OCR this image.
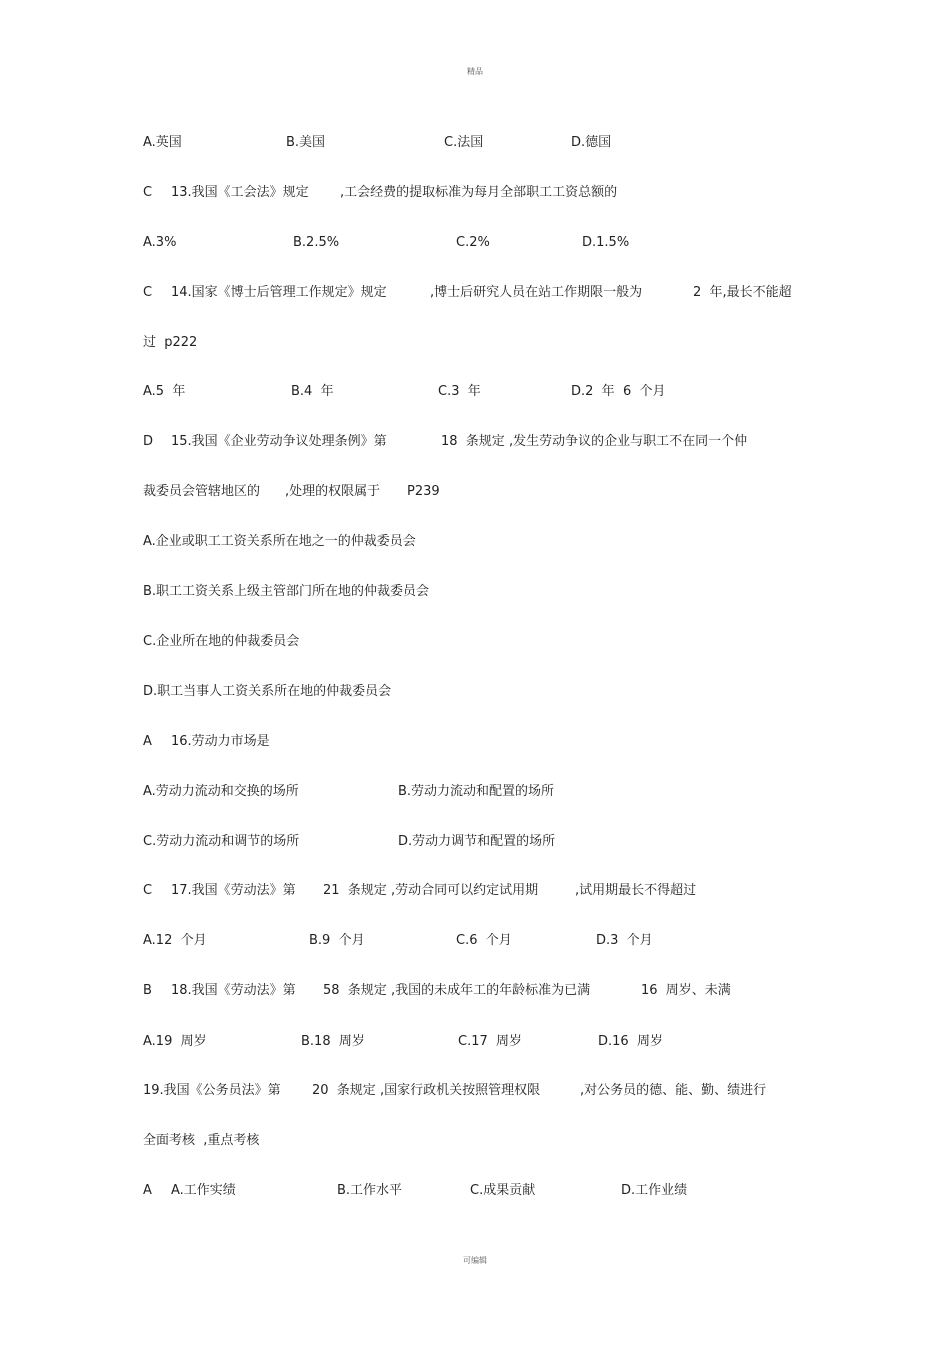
精品
A.英国	B.美国	C.法国	D.德国
C 13.我国《工会法》规定 ,工会经费的提取标准为每月全部职工工资总额的
A.3%	B.2.5%	C.2%	D.1.5%
C 14.国家《博士后管理工作规定》规定	,博士后研究人员在站工作期限一般为	2  年,最长不能超
过  p222
A.5  年	B.4  年	C.3  年	D.2  年  6  个月
D 15.我国《企业劳动争议处理条例》第	18  条规定 ,发生劳动争议的企业与职工不在同一个仲
裁委员会管辖地区的 ,处理的权限属于 P239
A.企业或职工工资关系所在地之一的仲裁委员会
B.职工工资关系上级主管部门所在地的仲裁委员会
C.企业所在地的仲裁委员会
D.职工当事人工资关系所在地的仲裁委员会
A 16.劳动力市场是
A.劳动力流动和交换的场所	B.劳动力流动和配置的场所
C.劳动力流动和调节的场所	D.劳动力调节和配置的场所
C 17.我国《劳动法》第 21  条规定 ,劳动合同可以约定试用期	,试用期最长不得超过
A.12  个月	B.9  个月	C.6  个月	D.3  个月
B 18.我国《劳动法》第 58  条规定 ,我国的未成年工的年龄标准为已满	16  周岁、未满
A.19  周岁	B.18  周岁	C.17  周岁	D.16  周岁
19.我国《公务员法》第 20  条规定 ,国家行政机关按照管理权限	,对公务员的德、能、勤、绩进行
全面考核  ,重点考核
A A.工作实绩	B.工作水平	C.成果贡献	D.工作业绩
可编辑
